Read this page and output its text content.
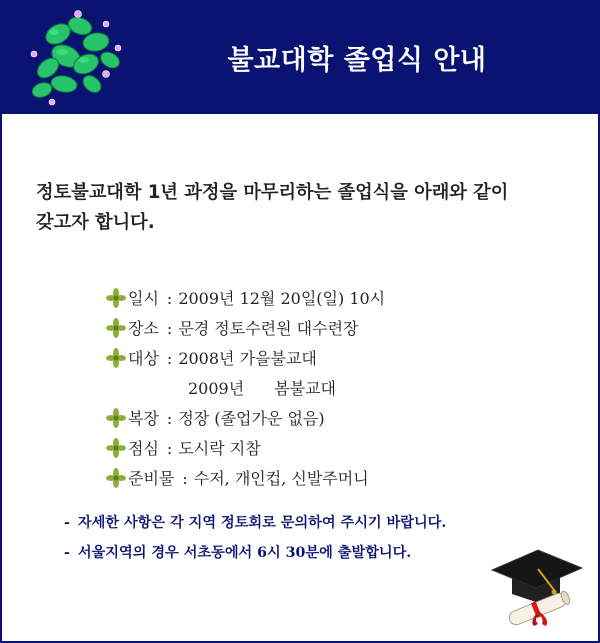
불교대학 졸업식 안내
정토불교대학 1년 과정을 마무리하는 졸업식을 아래와 같이
갖고자 합니다.
일시 : 2009년 12월 20일(일) 10시
장소 : 문경 정토수련원 대수련장
대상 : 2008년 가을불교대
2009년 봄불교대
복장 : 정장 (졸업가운 없음)
점심 : 도시락 지참
준비물 : 수저, 개인컵, 신발주머니
- 자세한 사항은 각 지역 정토회로 문의하여 주시기 바랍니다.
- 서울지역의 경우 서초동에서 6시 30분에 출발합니다.
